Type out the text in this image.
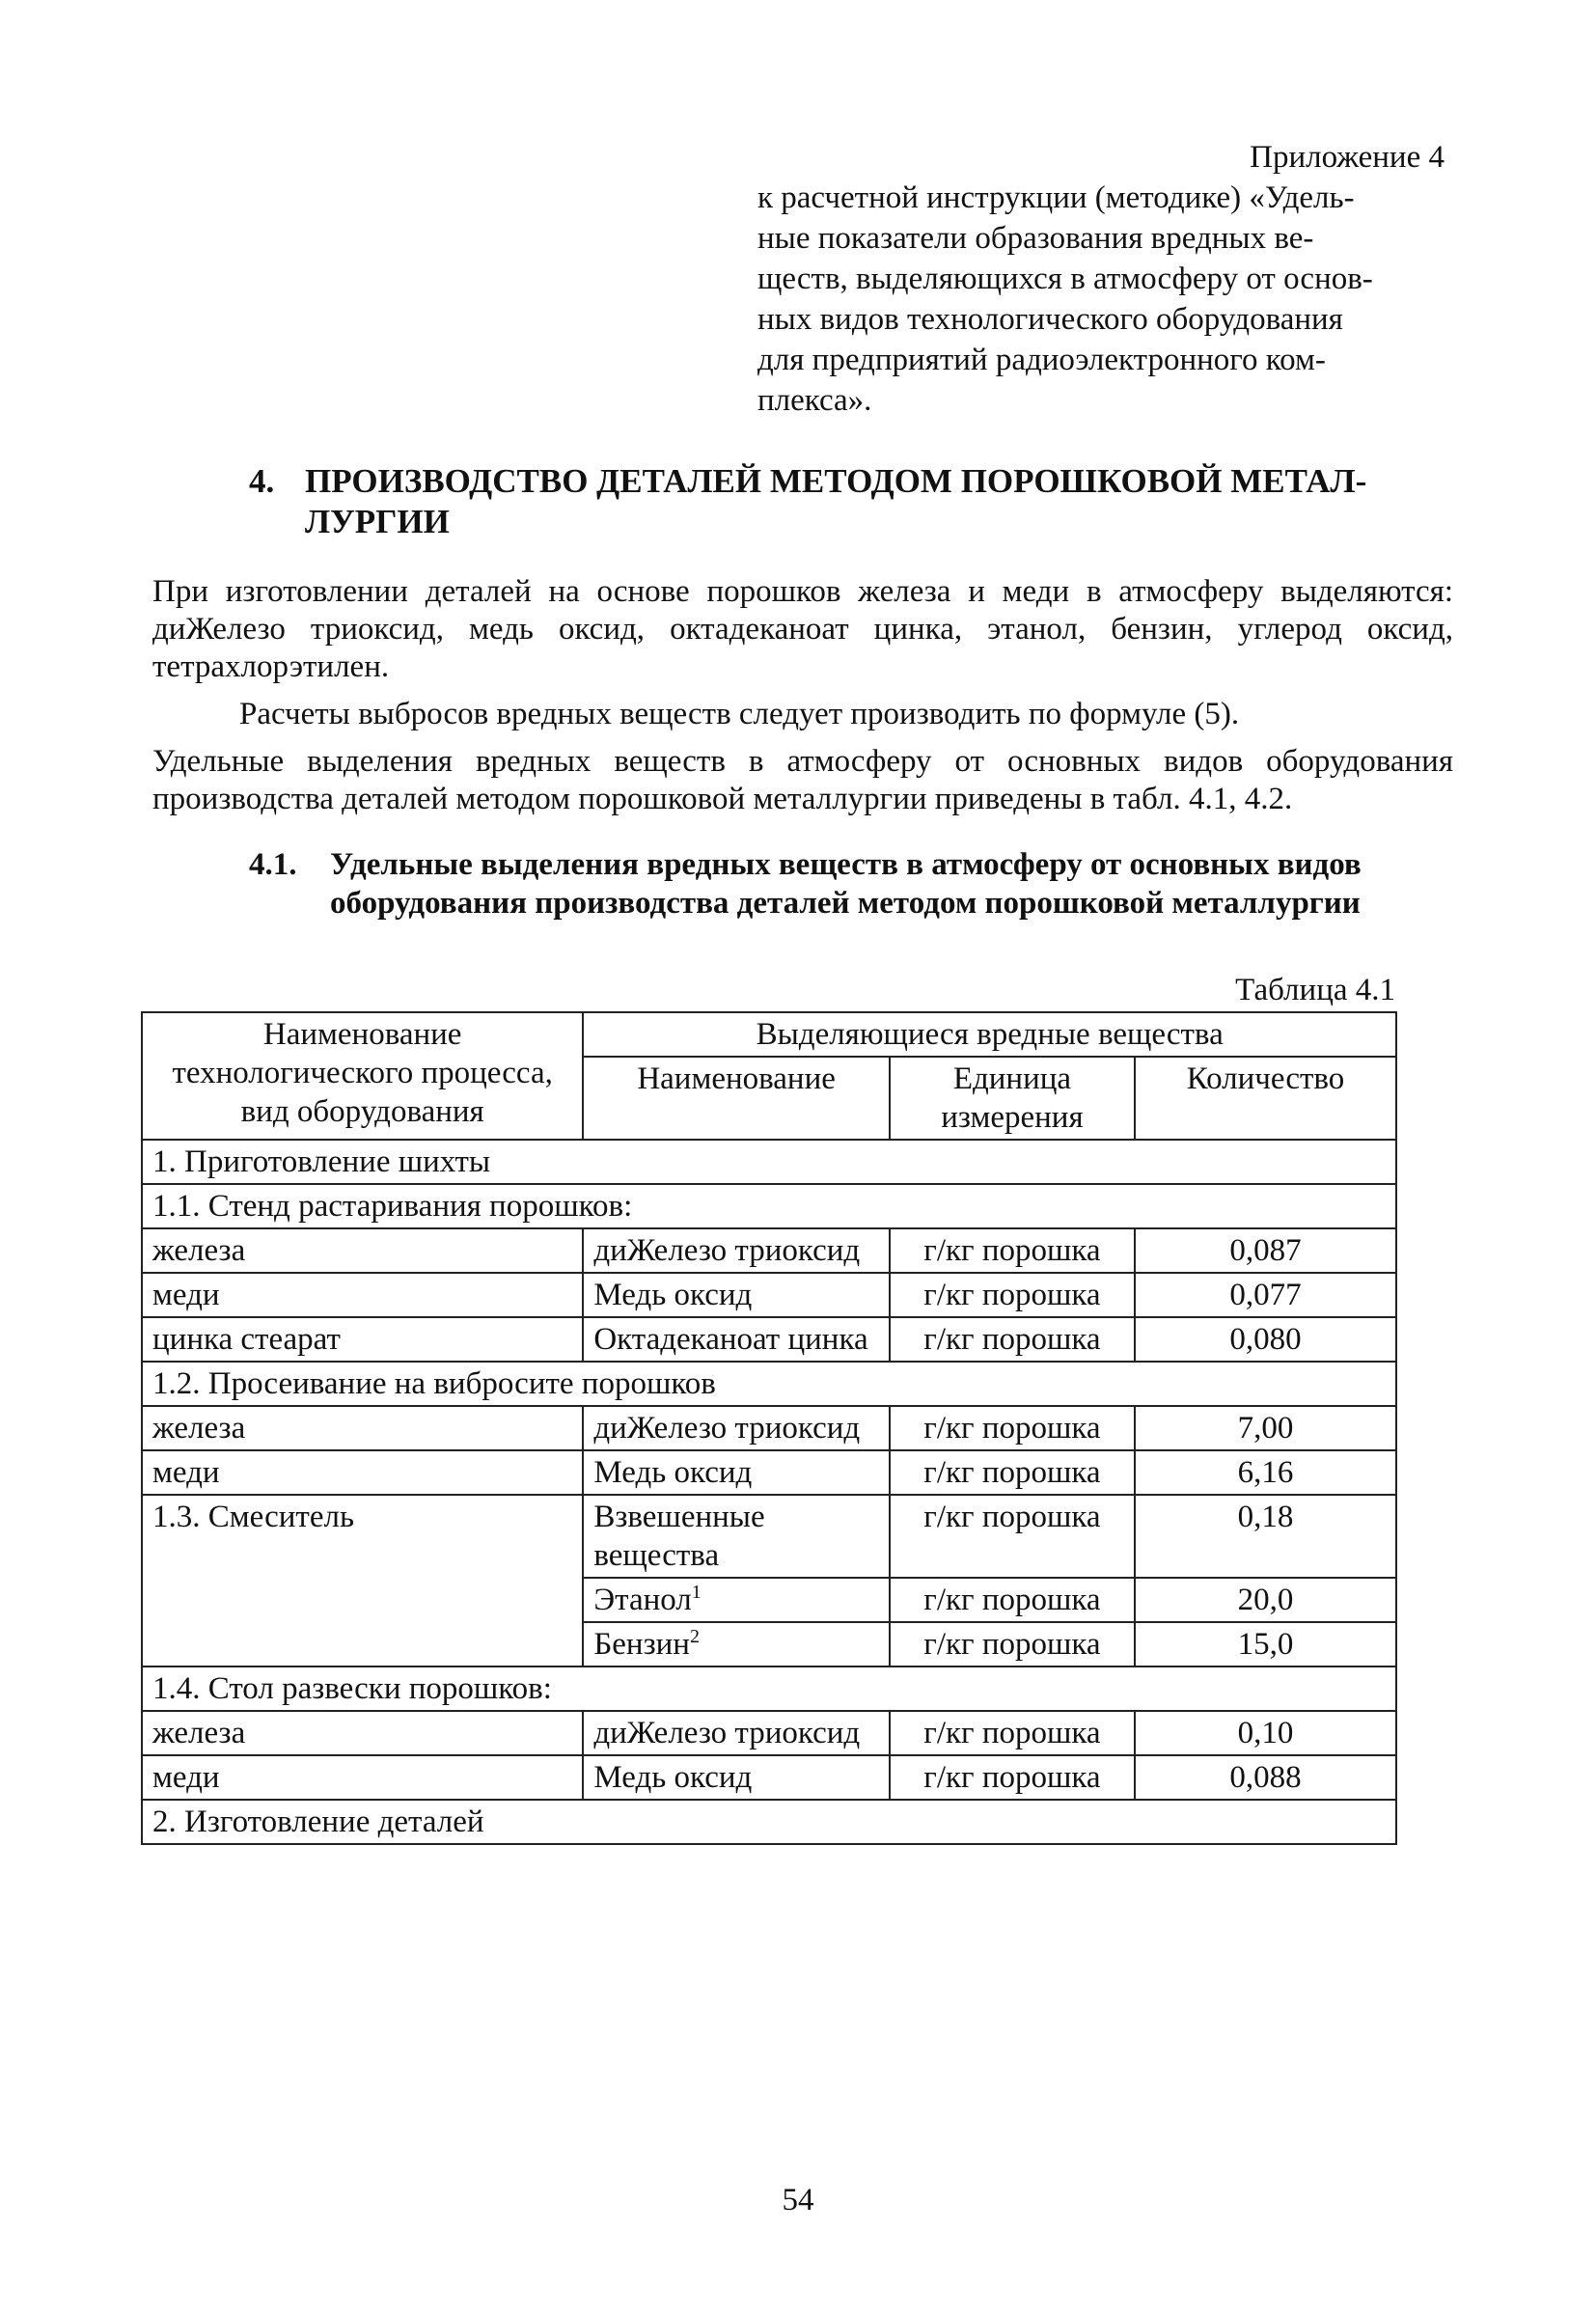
Приложение 4
к расчетной инструкции (методике) «Удель-
ные показатели образования вредных ве-
ществ, выделяющихся в атмосферу от основ-
ных видов технологического оборудования
для предприятий радиоэлектронного ком-
плекса».
4. ПРОИЗВОДСТВО ДЕТАЛЕЙ МЕТОДОМ ПОРОШКОВОЙ МЕТАЛ-
ЛУРГИИ

При изготовлении деталей на основе порошков железа и меди в атмосферу выделяются: диЖелезо триоксид, медь оксид, октадеканоат цинка, этанол, бензин, углерод оксид, тетрахлорэтилен.

Расчеты выбросов вредных веществ следует производить по формуле (5).

Удельные выделения вредных веществ в атмосферу от основных видов оборудования производства деталей методом порошковой металлургии приведены в табл. 4.1, 4.2.

4.1. Удельные выделения вредных веществ в атмосферу от основных видов оборудования производства деталей методом порошковой металлургии
Таблица 4.1
Наименование технологического процесса, вид оборудования	Выделяющиеся вредные вещества		
	Наименование	Единица измерения	Количество
1. Приготовление шихты			
1.1. Стенд растаривания порошков:			
железа	диЖелезо триоксид	г/кг порошка	0,087
меди	Медь оксид	г/кг порошка	0,077
цинка стеарат	Октадеканоат цинка	г/кг порошка	0,080
1.2. Просеивание на вибросите порошков			
железа	диЖелезо триоксид	г/кг порошка	7,00
меди	Медь оксид	г/кг порошка	6,16
1.3. Смеситель	Взвешенные вещества	г/кг порошка	0,18
	Этанол$^1$	г/кг порошка	20,0
	Бензин$^2$	г/кг порошка	15,0
1.4. Стол развески порошков:			
железа	диЖелезо триоксид	г/кг порошка	0,10
меди	Медь оксид	г/кг порошка	0,088
2. Изготовление деталей			
54
